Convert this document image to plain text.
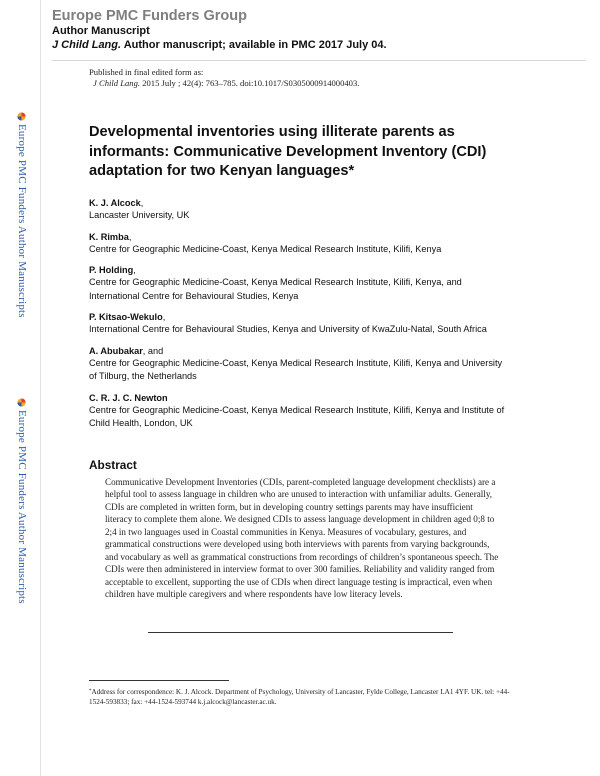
Europe PMC Funders Group
Author Manuscript
J Child Lang. Author manuscript; available in PMC 2017 July 04.
Published in final edited form as:
J Child Lang. 2015 July ; 42(4): 763–785. doi:10.1017/S0305000914000403.
Europe PMC Funders Author Manuscripts
Europe PMC Funders Author Manuscripts
Developmental inventories using illiterate parents as informants: Communicative Development Inventory (CDI) adaptation for two Kenyan languages*
K. J. Alcock,
Lancaster University, UK
K. Rimba,
Centre for Geographic Medicine-Coast, Kenya Medical Research Institute, Kilifi, Kenya
P. Holding,
Centre for Geographic Medicine-Coast, Kenya Medical Research Institute, Kilifi, Kenya, and International Centre for Behavioural Studies, Kenya
P. Kitsao-Wekulo,
International Centre for Behavioural Studies, Kenya and University of KwaZulu-Natal, South Africa
A. Abubakar, and
Centre for Geographic Medicine-Coast, Kenya Medical Research Institute, Kilifi, Kenya and University of Tilburg, the Netherlands
C. R. J. C. Newton
Centre for Geographic Medicine-Coast, Kenya Medical Research Institute, Kilifi, Kenya and Institute of Child Health, London, UK
Abstract
Communicative Development Inventories (CDIs, parent-completed language development checklists) are a helpful tool to assess language in children who are unused to interaction with unfamiliar adults. Generally, CDIs are completed in written form, but in developing country settings parents may have insufficient literacy to complete them alone. We designed CDIs to assess language development in children aged 0;8 to 2;4 in two languages used in Coastal communities in Kenya. Measures of vocabulary, gestures, and grammatical constructions were developed using both interviews with parents from varying backgrounds, and vocabulary as well as grammatical constructions from recordings of children’s spontaneous speech. The CDIs were then administered in interview format to over 300 families. Reliability and validity ranged from acceptable to excellent, supporting the use of CDIs when direct language testing is impractical, even when children have multiple caregivers and where respondents have low literacy levels.
*Address for correspondence: K. J. Alcock. Department of Psychology, University of Lancaster, Fylde College, Lancaster LA1 4YF. UK. tel: +44-1524-593833; fax: +44-1524-593744 k.j.alcock@lancaster.ac.uk.
